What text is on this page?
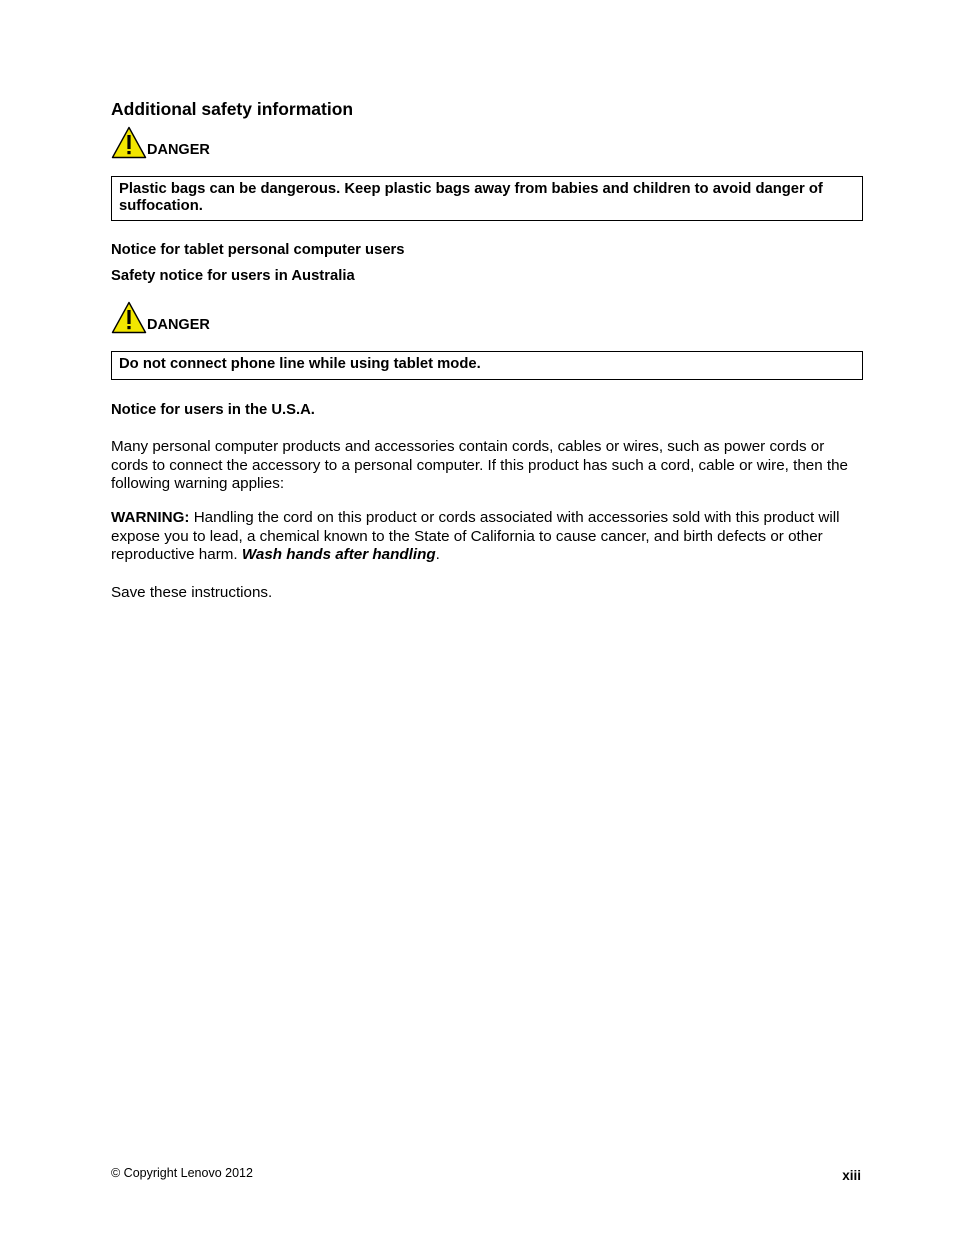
Additional safety information
DANGER
Plastic bags can be dangerous. Keep plastic bags away from babies and children to avoid danger of suffocation.
Notice for tablet personal computer users
Safety notice for users in Australia
DANGER
Do not connect phone line while using tablet mode.
Notice for users in the U.S.A.

Many personal computer products and accessories contain cords, cables or wires, such as power cords or cords to connect the accessory to a personal computer. If this product has such a cord, cable or wire, then the following warning applies:

WARNING: Handling the cord on this product or cords associated with accessories sold with this product will expose you to lead, a chemical known to the State of California to cause cancer, and birth defects or other reproductive harm. Wash hands after handling.

Save these instructions.

© Copyright Lenovo 2012	xiii
